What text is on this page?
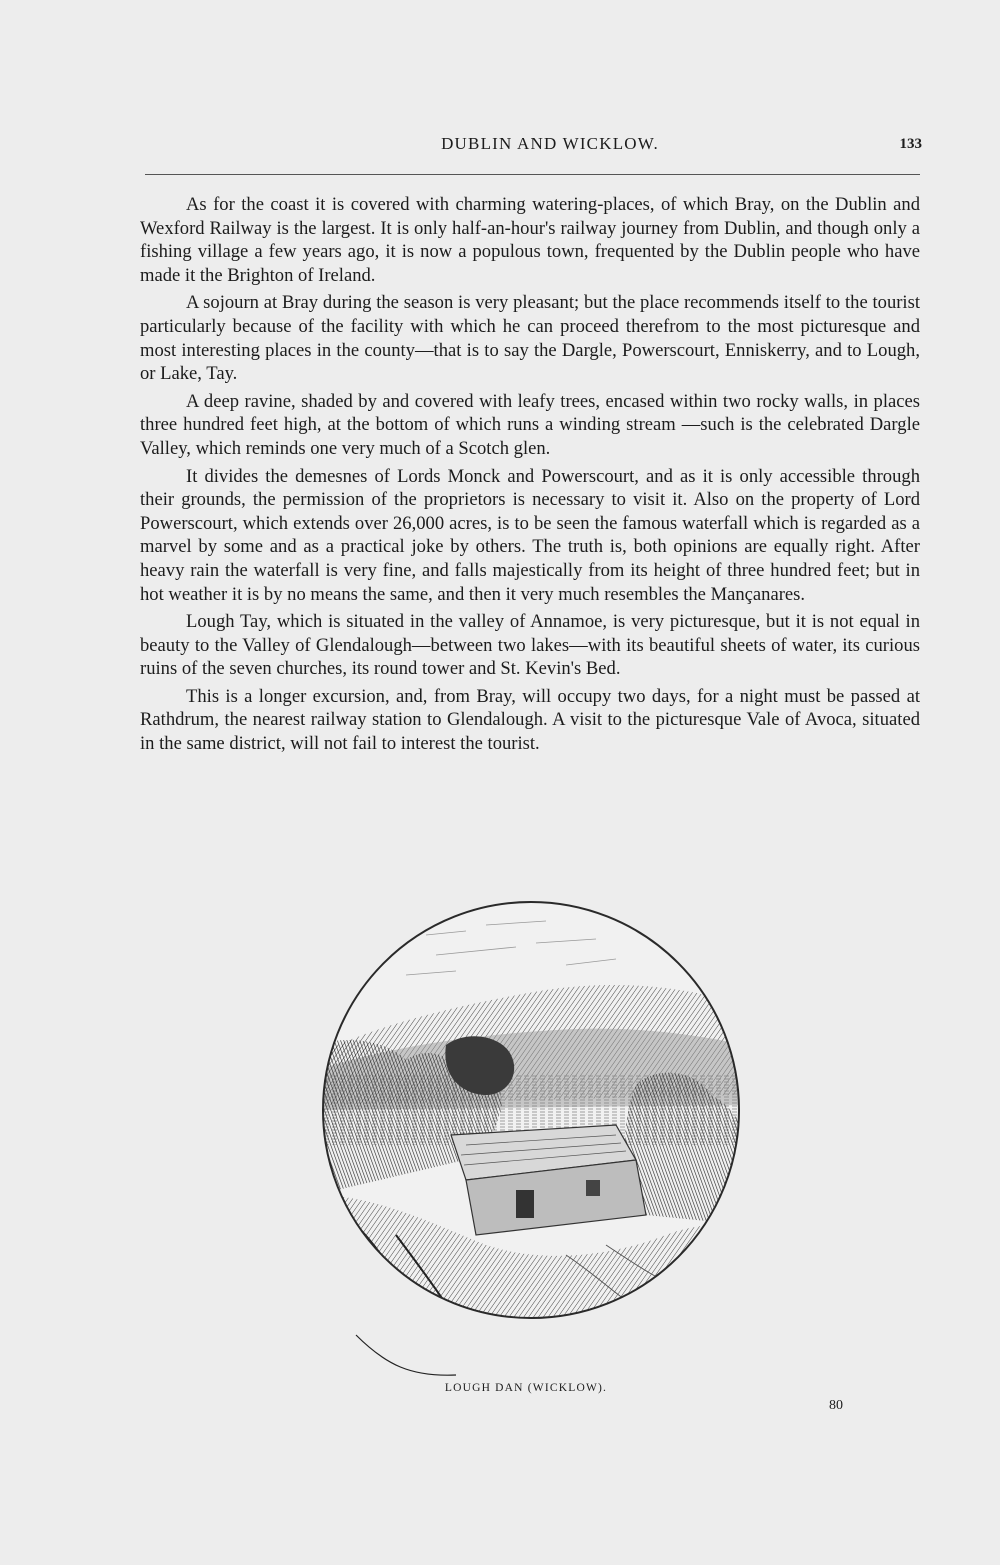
DUBLIN AND WICKLOW.	133

As for the coast it is covered with charming watering-places, of which Bray, on the Dublin and Wexford Railway is the largest. It is only half-an-hour's railway journey from Dublin, and though only a fishing village a few years ago, it is now a populous town, frequented by the Dublin people who have made it the Brighton of Ireland.

A sojourn at Bray during the season is very pleasant; but the place recommends itself to the tourist particularly because of the facility with which he can proceed therefrom to the most picturesque and most interesting places in the county—that is to say the Dargle, Powerscourt, Enniskerry, and to Lough, or Lake, Tay.

A deep ravine, shaded by and covered with leafy trees, encased within two rocky walls, in places three hundred feet high, at the bottom of which runs a winding stream —such is the celebrated Dargle Valley, which reminds one very much of a Scotch glen.

It divides the demesnes of Lords Monck and Powerscourt, and as it is only accessible through their grounds, the permission of the proprietors is necessary to visit it. Also on the property of Lord Powerscourt, which extends over 26,000 acres, is to be seen the famous waterfall which is regarded as a marvel by some and as a practical joke by others. The truth is, both opinions are equally right. After heavy rain the waterfall is very fine, and falls majestically from its height of three hundred feet; but in hot weather it is by no means the same, and then it very much resembles the Mançanares.

Lough Tay, which is situated in the valley of Annamoe, is very picturesque, but it is not equal in beauty to the Valley of Glendalough—between two lakes—with its beautiful sheets of water, its curious ruins of the seven churches, its round tower and St. Kevin's Bed.

This is a longer excursion, and, from Bray, will occupy two days, for a night must be passed at Rathdrum, the nearest railway station to Glendalough. A visit to the picturesque Vale of Avoca, situated in the same district, will not fail to interest the tourist.

LOUGH DAN (WICKLOW).
80
